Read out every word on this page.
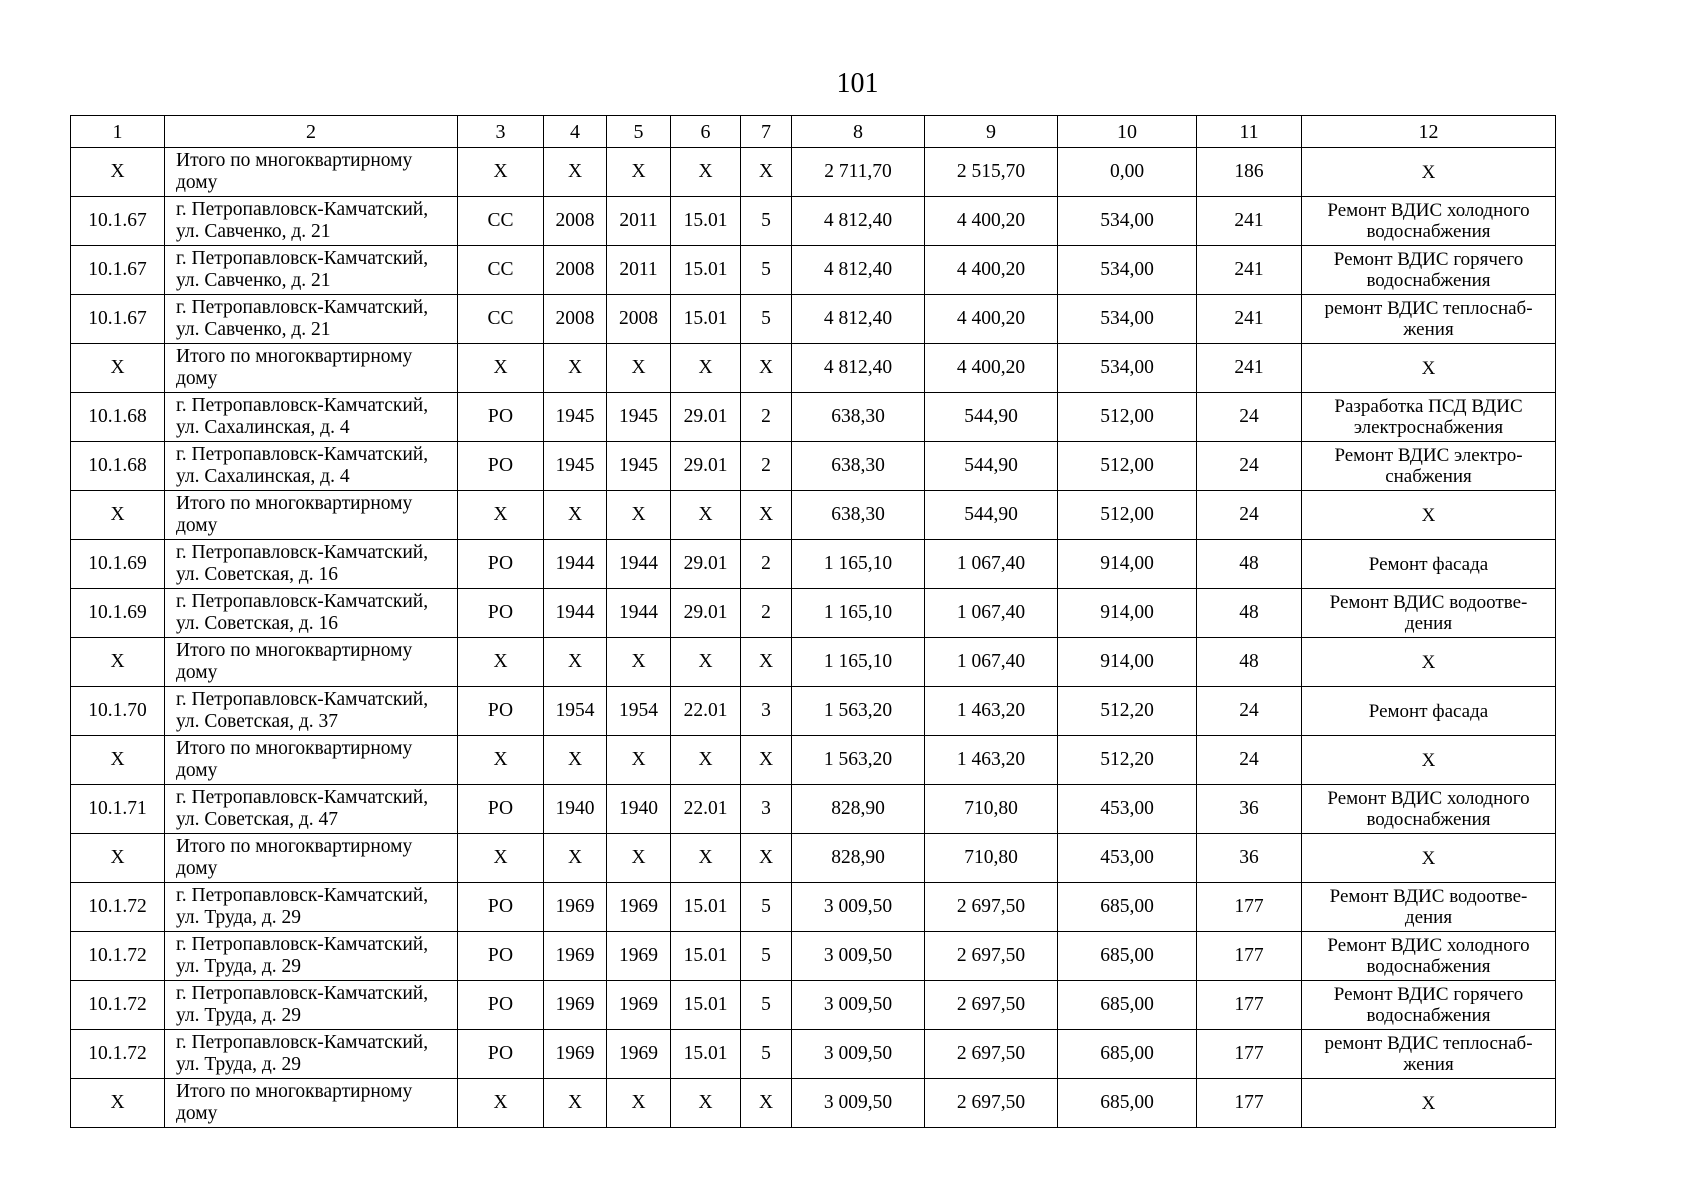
101
1	2	3	4	5	6	7	8	9	10	11	12
Х	Итого по многоквартирному
дому	Х	Х	Х	Х	Х	2 711,70	2 515,70	0,00	186	Х
10.1.67	г. Петропавловск-Камчатский,
ул. Савченко, д. 21	СС	2008	2011	15.01	5	4 812,40	4 400,20	534,00	241	Ремонт ВДИС холодного
водоснабжения
10.1.67	г. Петропавловск-Камчатский,
ул. Савченко, д. 21	СС	2008	2011	15.01	5	4 812,40	4 400,20	534,00	241	Ремонт ВДИС горячего
водоснабжения
10.1.67	г. Петропавловск-Камчатский,
ул. Савченко, д. 21	СС	2008	2008	15.01	5	4 812,40	4 400,20	534,00	241	ремонт ВДИС теплоснаб-
жения
Х	Итого по многоквартирному
дому	Х	Х	Х	Х	Х	4 812,40	4 400,20	534,00	241	Х
10.1.68	г. Петропавловск-Камчатский,
ул. Сахалинская, д. 4	РО	1945	1945	29.01	2	638,30	544,90	512,00	24	Разработка ПСД ВДИС
электроснабжения
10.1.68	г. Петропавловск-Камчатский,
ул. Сахалинская, д. 4	РО	1945	1945	29.01	2	638,30	544,90	512,00	24	Ремонт ВДИС электро-
снабжения
Х	Итого по многоквартирному
дому	Х	Х	Х	Х	Х	638,30	544,90	512,00	24	Х
10.1.69	г. Петропавловск-Камчатский,
ул. Советская, д. 16	РО	1944	1944	29.01	2	1 165,10	1 067,40	914,00	48	Ремонт фасада
10.1.69	г. Петропавловск-Камчатский,
ул. Советская, д. 16	РО	1944	1944	29.01	2	1 165,10	1 067,40	914,00	48	Ремонт ВДИС водоотве-
дения
Х	Итого по многоквартирному
дому	Х	Х	Х	Х	Х	1 165,10	1 067,40	914,00	48	Х
10.1.70	г. Петропавловск-Камчатский,
ул. Советская, д. 37	РО	1954	1954	22.01	3	1 563,20	1 463,20	512,20	24	Ремонт фасада
Х	Итого по многоквартирному
дому	Х	Х	Х	Х	Х	1 563,20	1 463,20	512,20	24	Х
10.1.71	г. Петропавловск-Камчатский,
ул. Советская, д. 47	РО	1940	1940	22.01	3	828,90	710,80	453,00	36	Ремонт ВДИС холодного
водоснабжения
Х	Итого по многоквартирному
дому	Х	Х	Х	Х	Х	828,90	710,80	453,00	36	Х
10.1.72	г. Петропавловск-Камчатский,
ул. Труда, д. 29	РО	1969	1969	15.01	5	3 009,50	2 697,50	685,00	177	Ремонт ВДИС водоотве-
дения
10.1.72	г. Петропавловск-Камчатский,
ул. Труда, д. 29	РО	1969	1969	15.01	5	3 009,50	2 697,50	685,00	177	Ремонт ВДИС холодного
водоснабжения
10.1.72	г. Петропавловск-Камчатский,
ул. Труда, д. 29	РО	1969	1969	15.01	5	3 009,50	2 697,50	685,00	177	Ремонт ВДИС горячего
водоснабжения
10.1.72	г. Петропавловск-Камчатский,
ул. Труда, д. 29	РО	1969	1969	15.01	5	3 009,50	2 697,50	685,00	177	ремонт ВДИС теплоснаб-
жения
Х	Итого по многоквартирному
дому	Х	Х	Х	Х	Х	3 009,50	2 697,50	685,00	177	Х
